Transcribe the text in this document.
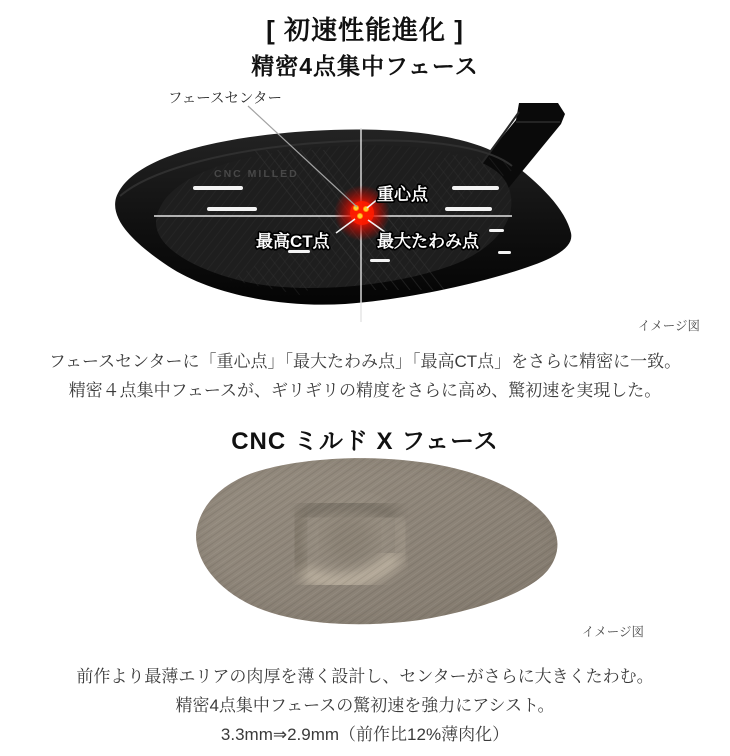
[ 初速性能進化 ]
精密4点集中フェース
CNC MILLED
フェースセンター
重心点
最高CT点	最大たわみ点
イメージ図

フェースセンターに「重心点」「最大たわみ点」「最高CT点」をさらに精密に一致。
精密４点集中フェースが、ギリギリの精度をさらに高め、驚初速を実現した。

CNC ミルド X フェース
イメージ図

前作より最薄エリアの肉厚を薄く設計し、センターがさらに大きくたわむ。
精密4点集中フェースの驚初速を強力にアシスト。
3.3mm⇒2.9mm（前作比12%薄肉化）
